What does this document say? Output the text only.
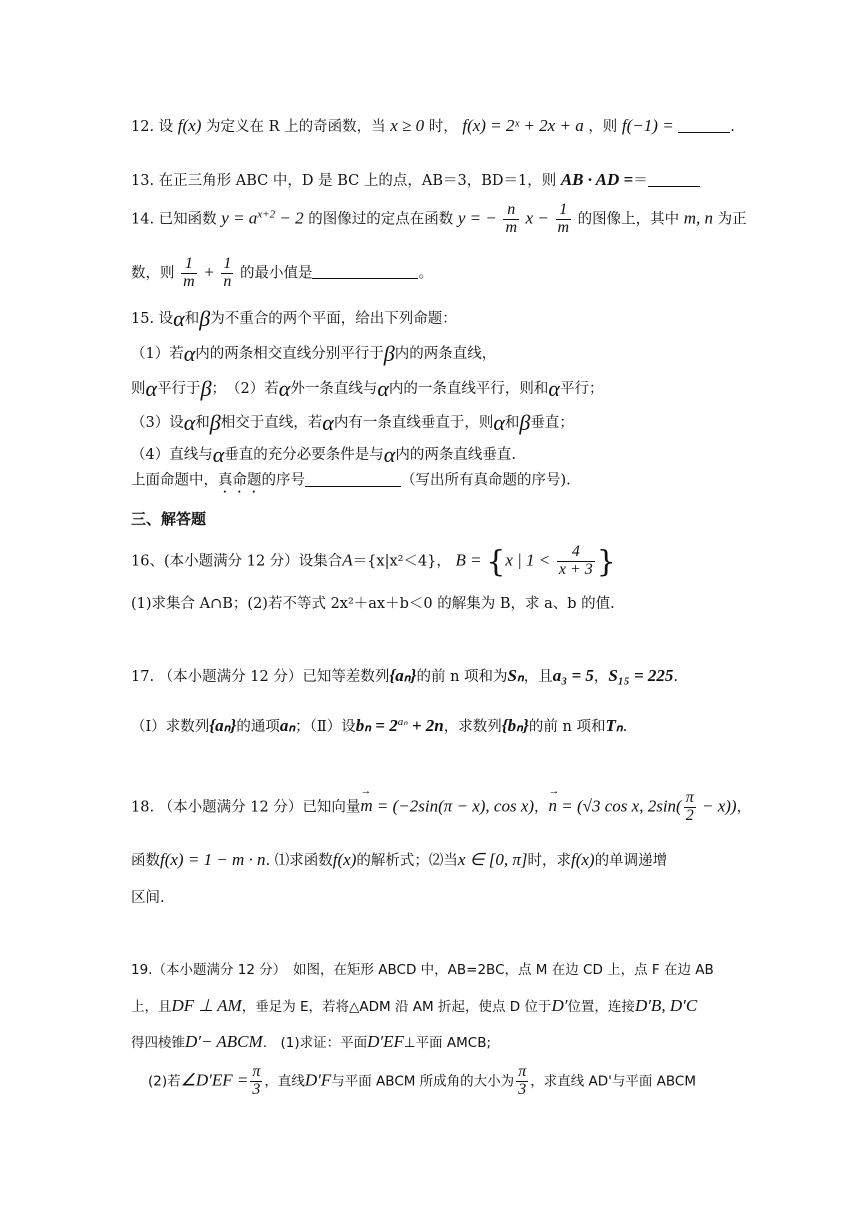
12. 设 f(x) 为定义在 R 上的奇函数，当 x ≥ 0 时， f(x) = 2ˣ + 2x + a ，则 f(−1) =	.
13. 在正三角形 ABC 中，D 是 BC 上的点，AB＝3，BD＝1，则 AB · AD =＝
14. 已知函数 $y = a^{x+2} - 2$ 的图像过的定点在函数 y = − $\frac{n}{m}$ $x - \frac{1}{m}$ 的图像上，其中 m, n 为正
数，则 $\frac{1}{m} + \frac{1}{n}$ 的最小值是	。
15. 设α和β为不重合的两个平面，给出下列命题：
（1）若α内的两条相交直线分别平行于β内的两条直线，
则α平行于β；　（2）若α外一条直线与α内的一条直线平行，则和α平行；
（3）设α和β相交于直线，若α内有一条直线垂直于，则α和β垂直；
（4）直线与α垂直的充分必要条件是与α内的两条直线垂直.
上面命题中，真命题的序号	（写出所有真命题的序号).
三、解答题
16、(本小题满分 12 分）设集合A＝{x|x²＜4}， B = {x | $1 < \frac{4}{x + 3}$ }
(1)求集合 A∩B；(2)若不等式 2x²＋ax＋b＜0 的解集为 B，求 a、b 的值.
17. （本小题满分 12 分）已知等差数列{aₙ}的前 n 项和为Sₙ，且a₃ = 5，S₁₅ = 225.
（Ⅰ）求数列{aₙ}的通项aₙ；（Ⅱ）设$b_n = 2^{a_n} + 2n$，求数列{bₙ}的前 n 项和Tₙ.
18. （本小题满分 12 分）已知向量→ m = (−2sin(π − x), cos x)，→ n = (√3 cos x, $2\sin( \frac{\pi}{2} - x)$)，
函数f(x) = 1 − m · n. ⑴求函数f(x)的解析式；⑵当x ∈ [0, π]时，求f(x)的单调递增
区间.
19.（本小题满分 12 分）　如图，在矩形 ABCD 中，AB=2BC，点 M 在边 CD 上，点 F 在边 AB
上，且DF ⊥ AM，垂足为 E，若将△ADM 沿 AM 折起，使点 D 位于D′位置，连接D′B, D′C
得四棱锥D′− ABCM.　(1)求证：平面D′EF⊥平面 AMCB;
(2)若∠D′EF = $\frac{\pi}{3}$ ，直线D′F与平面 ABCM 所成角的大小为 $\frac{\pi}{3}$ ，求直线 AD'与平面 ABCM
